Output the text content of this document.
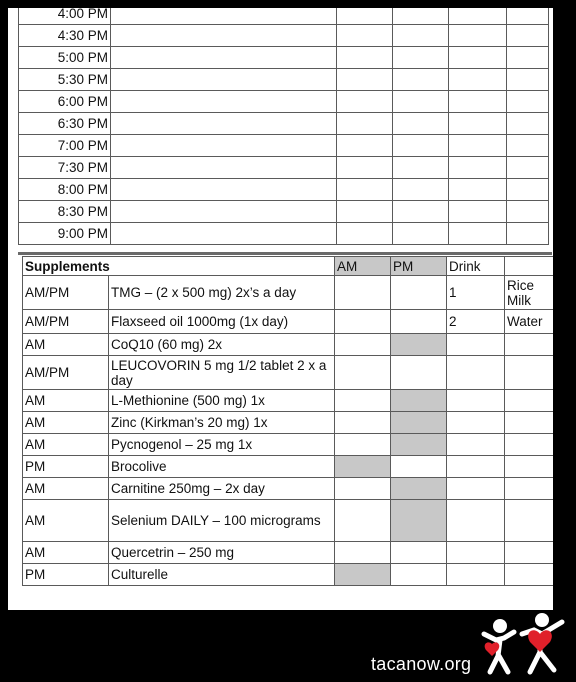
4:00 PM					
4:30 PM					
5:00 PM					
5:30 PM					
6:00 PM					
6:30 PM					
7:00 PM					
7:30 PM					
8:00 PM					
8:30 PM					
9:00 PM					
Supplements		AM	PM	Drink	
AM/PM	TMG – (2 x 500 mg) 2x’s a day			1	Rice Milk
AM/PM	Flaxseed oil 1000mg (1x day)			2	Water
AM	CoQ10 (60 mg) 2x				
AM/PM	LEUCOVORIN 5 mg 1/2 tablet 2 x a day				
AM	L-Methionine (500 mg) 1x				
AM	Zinc (Kirkman’s 20 mg) 1x				
AM	Pycnogenol – 25 mg 1x				
PM	Brocolive				
AM	Carnitine 250mg – 2x day				
AM	Selenium DAILY – 100 micrograms				
AM	Quercetrin – 250 mg				
PM	Culturelle				
tacanow.org
